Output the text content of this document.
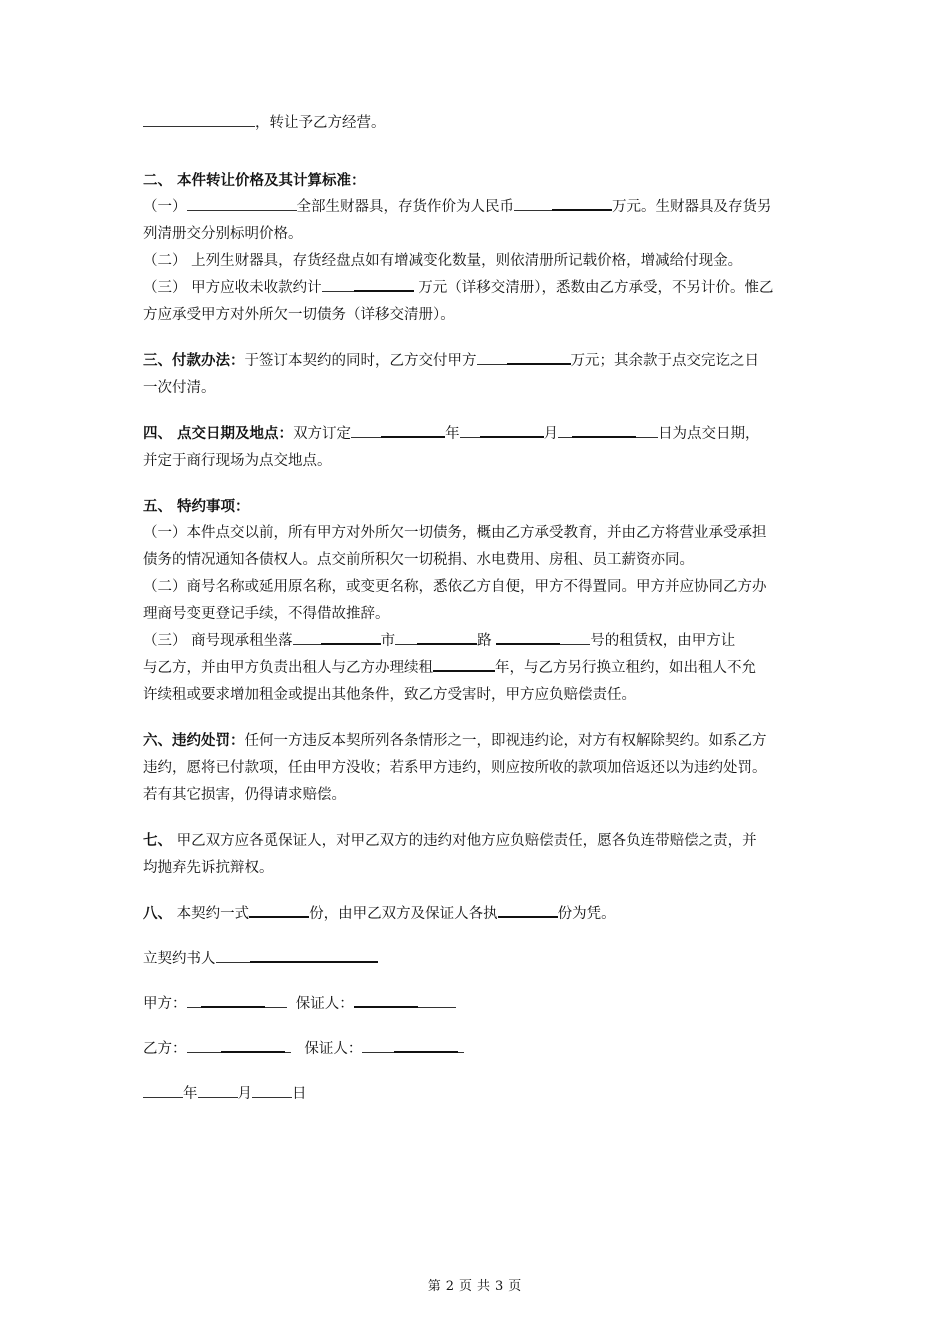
，转让予乙方经营。
二、 本件转让价格及其计算标准：
（一）	全部生财器具，存货作价为人民币	万元。生财器具及存货另
列清册交分别标明价格。
（二） 上列生财器具，存货经盘点如有增减变化数量，则依清册所记载价格，增减给付现金。
（三） 甲方应收未收款约计	万元（详移交清册），悉数由乙方承受，不另计价。惟乙
方应承受甲方对外所欠一切债务（详移交清册）。
三、付款办法：于签订本契约的同时，乙方交付甲方	万元；其余款于点交完讫之日
一次付清。
四、 点交日期及地点：双方订定	年	月	日为点交日期，
并定于商行现场为点交地点。
五、 特约事项：
（一）本件点交以前，所有甲方对外所欠一切债务，概由乙方承受教育，并由乙方将营业承受承担
债务的情况通知各债权人。点交前所积欠一切税捐、水电费用、房租、员工薪资亦同。
（二）商号名称或延用原名称，或变更名称，悉依乙方自便，甲方不得置同。甲方并应协同乙方办
理商号变更登记手续，不得借故推辞。
（三） 商号现承租坐落	市	路	号的租赁权，由甲方让
与乙方，并由甲方负责出租人与乙方办理续租	年，与乙方另行换立租约，如出租人不允
许续租或要求增加租金或提出其他条件，致乙方受害时，甲方应负赔偿责任。
六、违约处罚：任何一方违反本契所列各条情形之一，即视违约论，对方有权解除契约。如系乙方
违约，愿将已付款项，任由甲方没收；若系甲方违约，则应按所收的款项加倍返还以为违约处罚。
若有其它损害，仍得请求赔偿。
七、 甲乙双方应各觅保证人，对甲乙双方的违约对他方应负赔偿责任，愿各负连带赔偿之责，并
均抛弃先诉抗辩权。
八、 本契约一式	份，由甲乙双方及保证人各执	份为凭。
立契约书人
甲方：	保证人：
乙方：	保证人：
年	月	日
第 2 页 共 3 页
